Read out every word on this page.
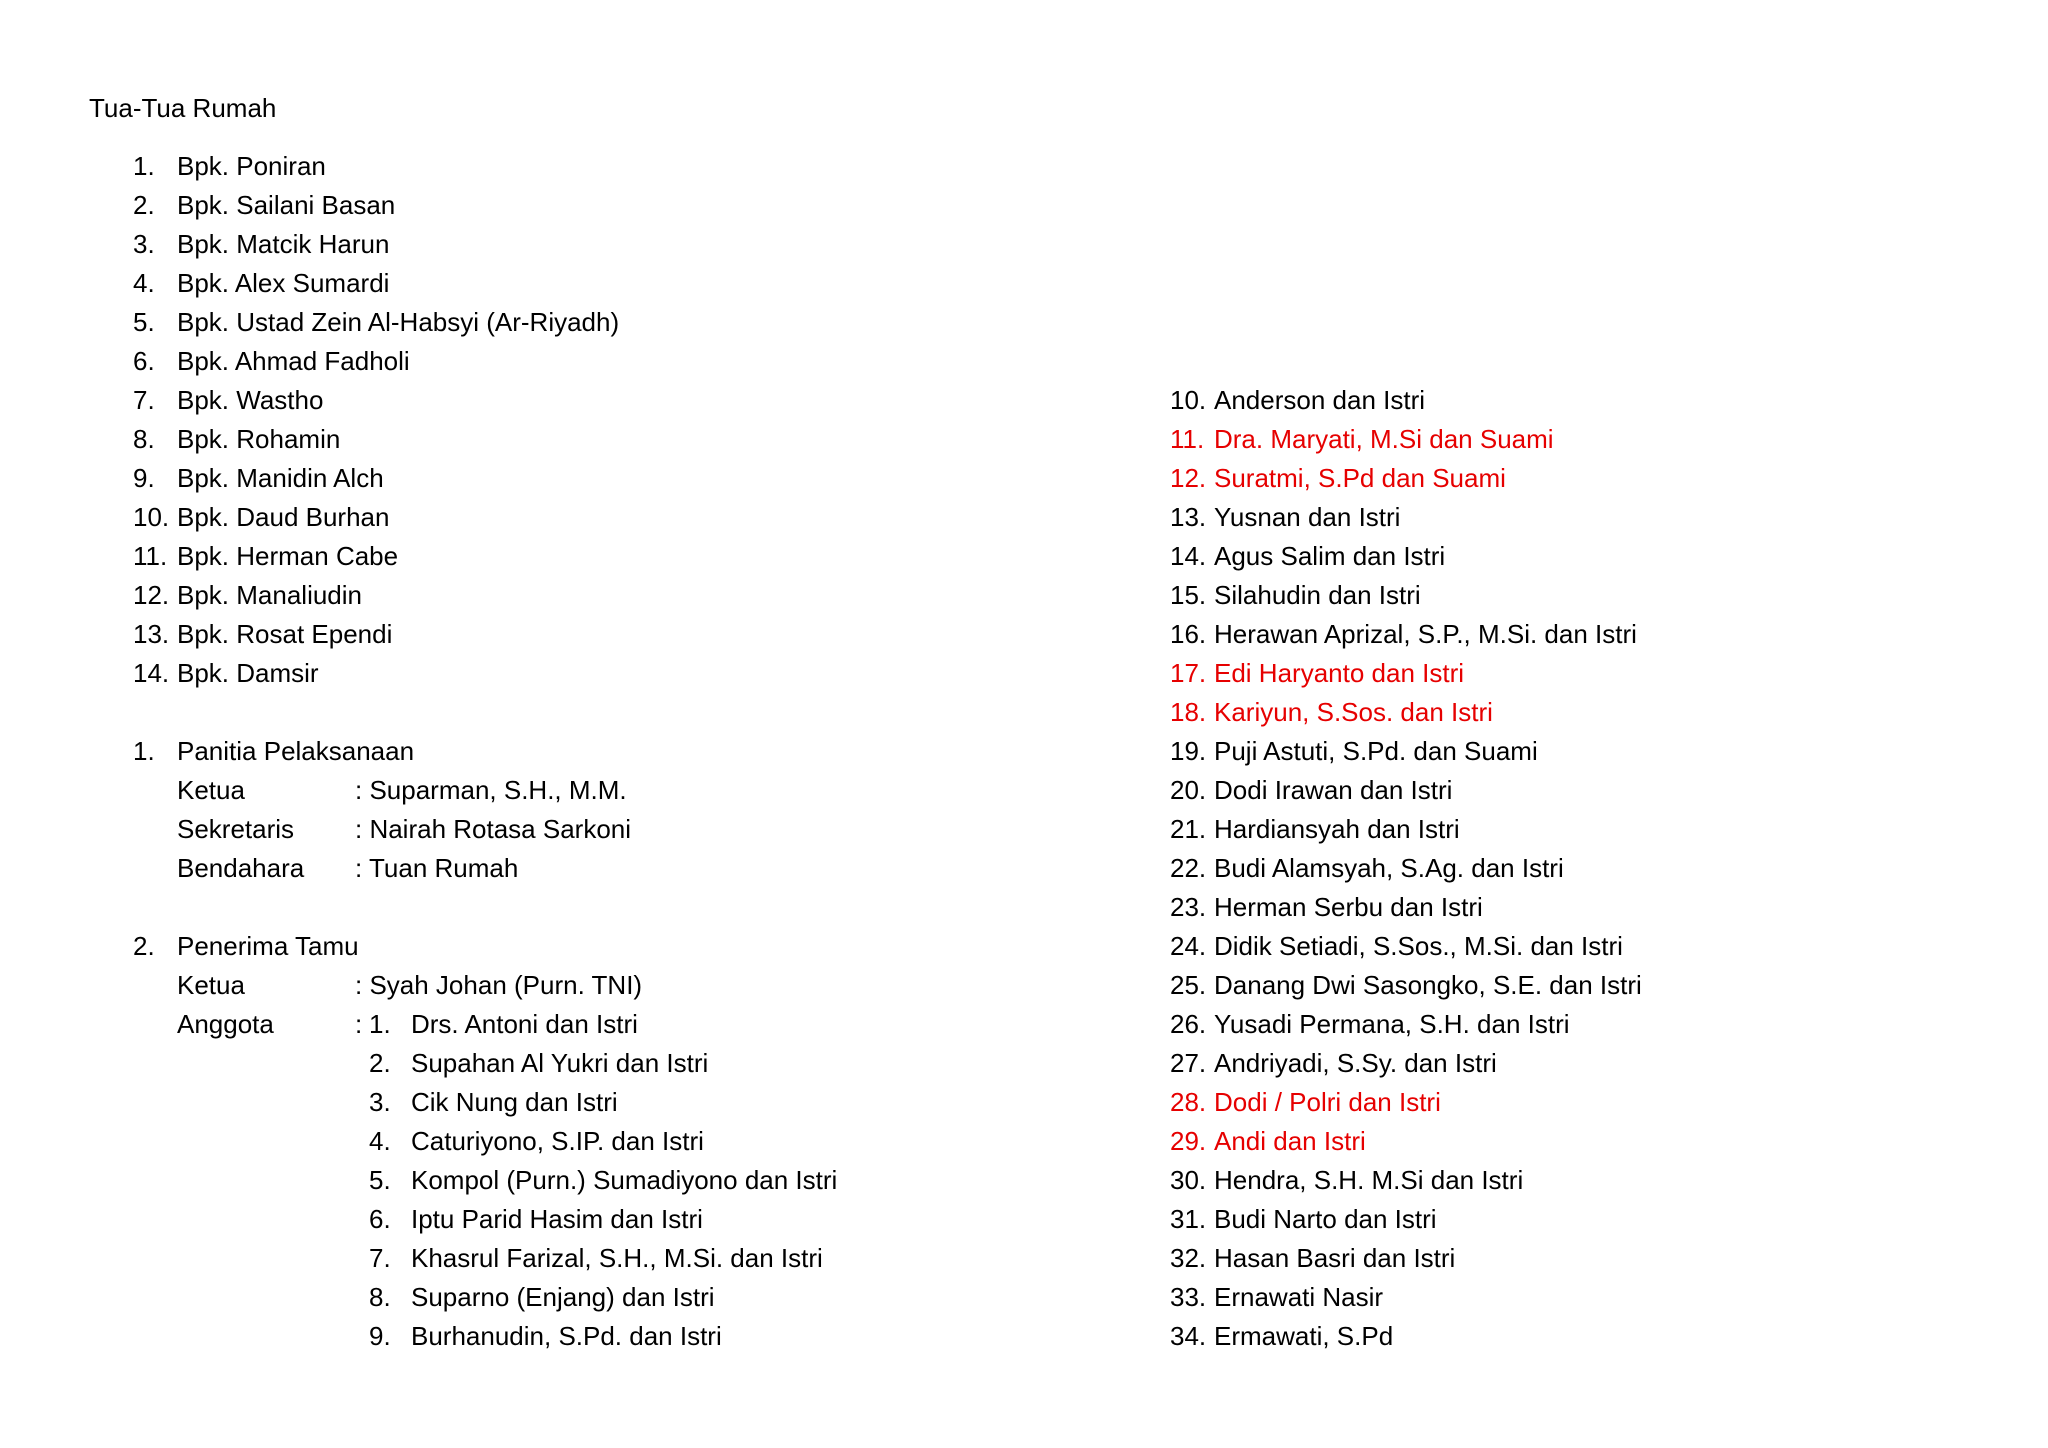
Tua-Tua Rumah
1. Bpk. Poniran
2. Bpk. Sailani Basan
3. Bpk. Matcik Harun
4. Bpk. Alex Sumardi
5. Bpk. Ustad Zein Al-Habsyi (Ar-Riyadh)
6. Bpk. Ahmad Fadholi
7. Bpk. Wastho
8. Bpk. Rohamin
9. Bpk. Manidin Alch
10. Bpk. Daud Burhan
11. Bpk. Herman Cabe
12. Bpk. Manaliudin
13. Bpk. Rosat Ependi
14. Bpk. Damsir
1. Panitia Pelaksanaan
Ketua	: Suparman, S.H., M.M.
Sekretaris : Nairah Rotasa Sarkoni
Bendahara : Tuan Rumah
2. Penerima Tamu
Ketua	: Syah Johan (Purn. TNI)
Anggota	: 1. Drs. Antoni dan Istri
2. Supahan Al Yukri dan Istri
3. Cik Nung dan Istri
4. Caturiyono, S.IP. dan Istri
5. Kompol (Purn.) Sumadiyono dan Istri
6. Iptu Parid Hasim dan Istri
7. Khasrul Farizal, S.H., M.Si. dan Istri
8. Suparno (Enjang) dan Istri
9. Burhanudin, S.Pd. dan Istri
10. Anderson dan Istri
11. Dra. Maryati, M.Si dan Suami
12. Suratmi, S.Pd dan Suami
13. Yusnan dan Istri
14. Agus Salim dan Istri
15. Silahudin dan Istri
16. Herawan Aprizal, S.P., M.Si. dan Istri
17. Edi Haryanto dan Istri
18. Kariyun, S.Sos. dan Istri
19. Puji Astuti, S.Pd. dan Suami
20. Dodi Irawan dan Istri
21. Hardiansyah dan Istri
22. Budi Alamsyah, S.Ag. dan Istri
23. Herman Serbu dan Istri
24. Didik Setiadi, S.Sos., M.Si. dan Istri
25. Danang Dwi Sasongko, S.E. dan Istri
26. Yusadi Permana, S.H. dan Istri
27. Andriyadi, S.Sy. dan Istri
28. Dodi / Polri dan Istri
29. Andi dan Istri
30. Hendra, S.H. M.Si dan Istri
31. Budi Narto dan Istri
32. Hasan Basri dan Istri
33. Ernawati Nasir
34. Ermawati, S.Pd
